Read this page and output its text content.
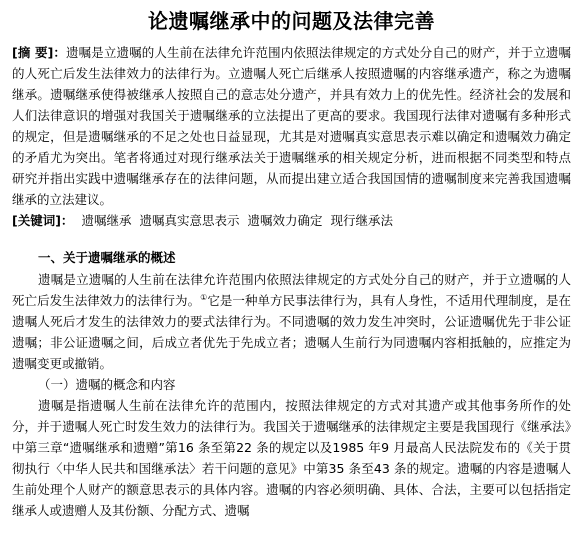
论遗嘱继承中的问题及法律完善

[摘 要]：遗嘱是立遗嘱的人生前在法律允许范围内依照法律规定的方式处分自己的财产，并于立遗嘱的人死亡后发生法律效力的法律行为。立遗嘱人死亡后继承人按照遗嘱的内容继承遗产，称之为遗嘱继承。遗嘱继承使得被继承人按照自己的意志处分遗产，并具有效力上的优先性。经济社会的发展和人们法律意识的增强对我国关于遗嘱继承的立法提出了更高的要求。我国现行法律对遗嘱有多种形式的规定，但是遗嘱继承的不足之处也日益显现，尤其是对遗嘱真实意思表示难以确定和遗嘱效力确定的矛盾尤为突出。笔者将通过对现行继承法关于遗嘱继承的相关规定分析，进而根据不同类型和特点研究并指出实践中遗嘱继承存在的法律问题，从而提出建立适合我国国情的遗嘱制度来完善我国遗嘱继承的立法建议。

[关键词]： 遗嘱继承 遗嘱真实意思表示 遗嘱效力确定 现行继承法

一、关于遗嘱继承的概述

遗嘱是立遗嘱的人生前在法律允许范围内依照法律规定的方式处分自己的财产，并于立遗嘱的人死亡后发生法律效力的法律行为。①它是一种单方民事法律行为，具有人身性，不适用代理制度，是在遗嘱人死后才发生的法律效力的要式法律行为。不同遗嘱的效力发生冲突时，公证遗嘱优先于非公证遗嘱；非公证遗嘱之间，后成立者优先于先成立者；遗嘱人生前行为同遗嘱内容相抵触的，应推定为遗嘱变更或撤销。

（一）遗嘱的概念和内容

遗嘱是指遗嘱人生前在法律允许的范围内，按照法律规定的方式对其遗产或其他事务所作的处分，并于遗嘱人死亡时发生效力的法律行为。我国关于遗嘱继承的法律规定主要是我国现行《继承法》中第三章“遗嘱继承和遗赠”第16 条至第22 条的规定以及1985 年9 月最高人民法院发布的《关于贯彻执行〈中华人民共和国继承法〉若干问题的意见》中第35 条至43 条的规定。遗嘱的内容是遗嘱人生前处理个人财产的额意思表示的具体内容。遗嘱的内容必须明确、具体、合法，主要可以包括指定继承人或遗赠人及其份额、分配方式、遗嘱
